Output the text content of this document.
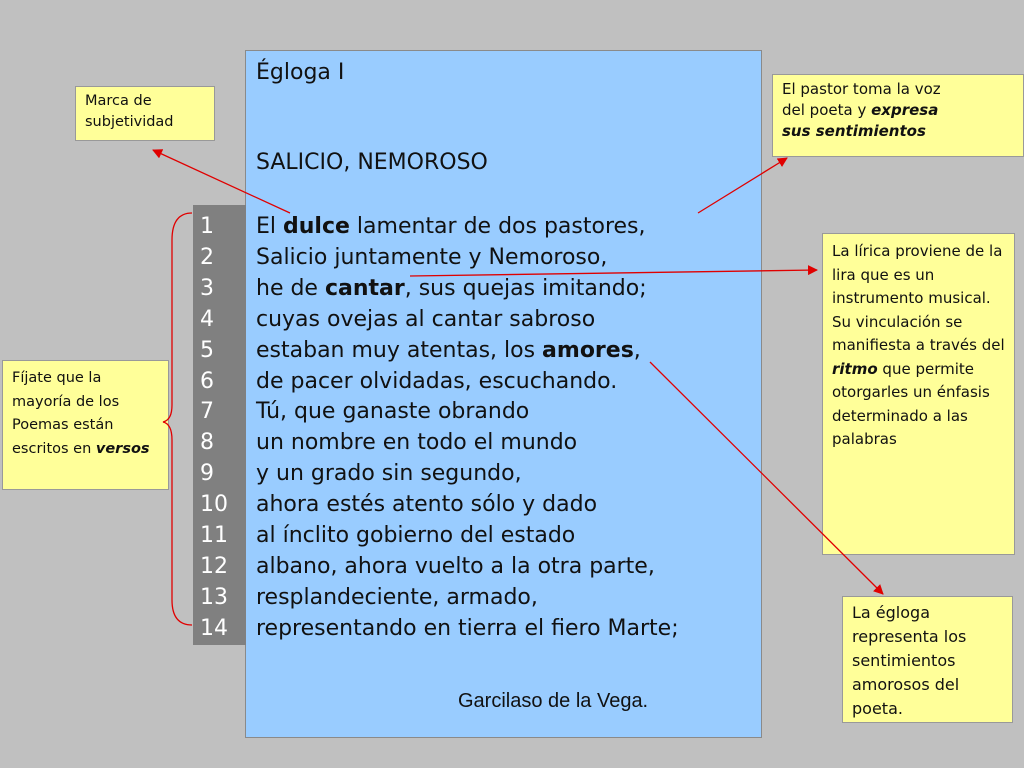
Égloga I
SALICIO, NEMOROSO
1
2
3
4
5
6
7
8
9
10
11
12
13
14
El dulce lamentar de dos pastores,
Salicio juntamente y Nemoroso,
he de cantar, sus quejas imitando;
cuyas ovejas al cantar sabroso
estaban muy atentas, los amores,
de pacer olvidadas, escuchando.
Tú, que ganaste obrando
un nombre en todo el mundo
y un grado sin segundo,
ahora estés atento sólo y dado
al ínclito gobierno del estado
albano, ahora vuelto a la otra parte,
resplandeciente, armado,
representando en tierra el fiero Marte;
Garcilaso de la Vega.
Marca de
subjetividad
El pastor toma la voz
del poeta y expresa
sus sentimientos
La lírica proviene de la lira que es un instrumento musical. Su vinculación se manifiesta a través del ritmo que permite otorgarles un énfasis determinado a las palabras
La égloga representa los sentimientos amorosos del poeta.
Fíjate que la mayoría de los Poemas están escritos en versos
